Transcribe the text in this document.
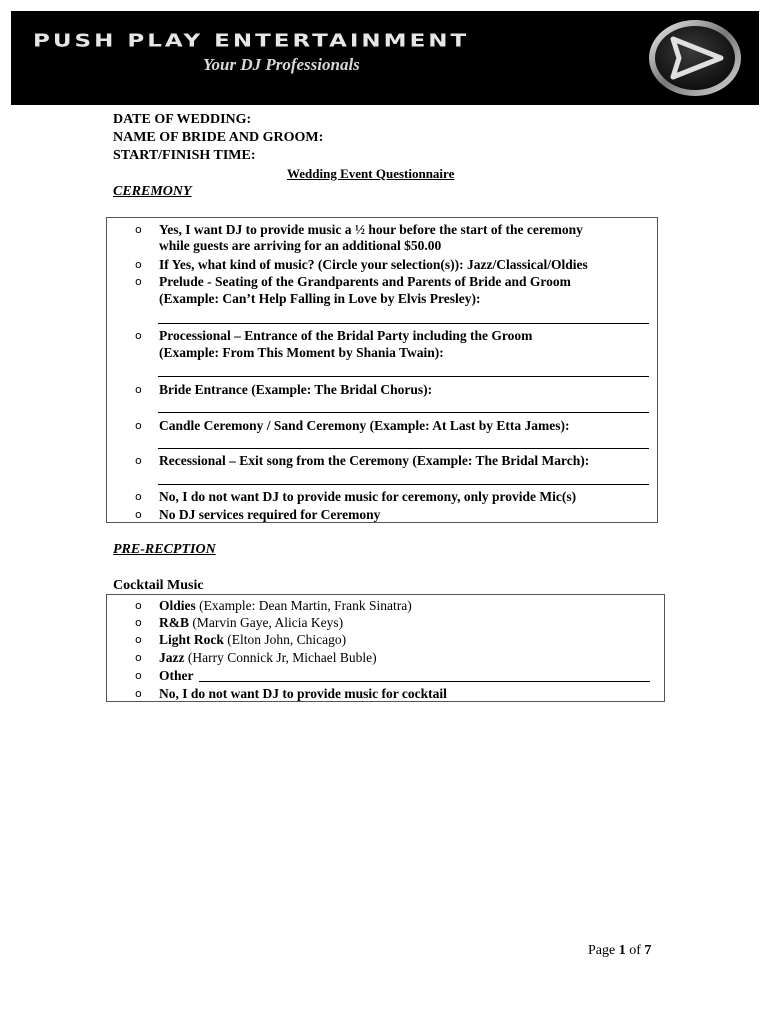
PUSH PLAY ENTERTAINMENT
Your DJ Professionals
DATE OF WEDDING:
NAME OF BRIDE AND GROOM:
START/FINISH TIME:
Wedding Event Questionnaire
CEREMONY
o Yes, I want DJ to provide music a ½ hour before the start of the ceremony
while guests are arriving for an additional $50.00
o If Yes, what kind of music? (Circle your selection(s)): Jazz/Classical/Oldies
o Prelude - Seating of the Grandparents and Parents of Bride and Groom
(Example: Can’t Help Falling in Love by Elvis Presley):
o Processional – Entrance of the Bridal Party including the Groom
(Example: From This Moment by Shania Twain):
o Bride Entrance (Example: The Bridal Chorus):
o Candle Ceremony / Sand Ceremony (Example: At Last by Etta James):
o Recessional – Exit song from the Ceremony (Example: The Bridal March):
o No, I do not want DJ to provide music for ceremony, only provide Mic(s)
o No DJ services required for Ceremony
PRE-RECPTION
Cocktail Music
o Oldies (Example: Dean Martin, Frank Sinatra)
o R&B (Marvin Gaye, Alicia Keys)
o Light Rock (Elton John, Chicago)
o Jazz (Harry Connick Jr, Michael Buble)
o Other
o No, I do not want DJ to provide music for cocktail
Page 1 of 7
